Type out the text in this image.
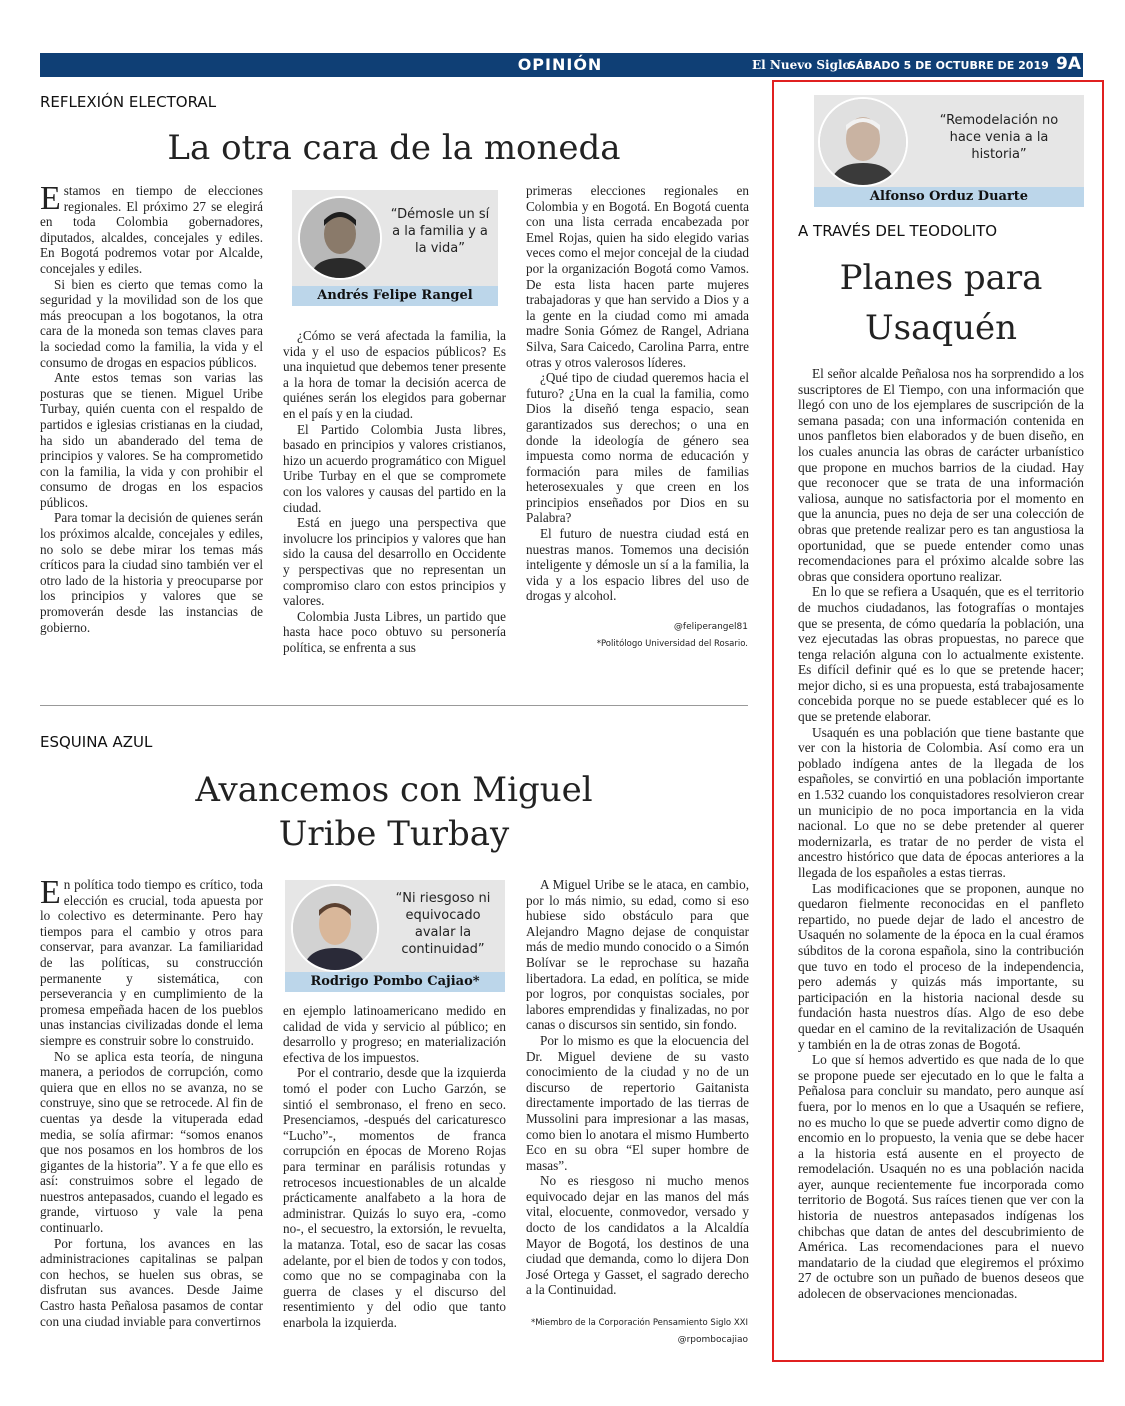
OPINIÓN	El Nuevo Siglo
SÁBADO 5 DE OCTUBRE DE 2019 9A
REFLEXIÓN ELECTORAL
La otra cara de la moneda

Estamos en tiempo de elecciones regionales. El próximo 27 se elegirá en toda Colombia gobernadores, diputados, alcaldes, concejales y ediles. En Bogotá podremos votar por Alcalde, concejales y ediles.

Si bien es cierto que temas como la seguridad y la movilidad son de los que más preocupan a los bogotanos, la otra cara de la moneda son temas claves para la sociedad como la familia, la vida y el consumo de drogas en espacios públicos.

Ante estos temas son varias las posturas que se tienen. Miguel Uribe Turbay, quién cuenta con el respaldo de partidos e iglesias cristianas en la ciudad, ha sido un abanderado del tema de principios y valores. Se ha comprometido con la familia, la vida y con prohibir el consumo de drogas en los espacios públicos.

Para tomar la decisión de quienes serán los próximos alcalde, concejales y ediles, no solo se debe mirar los temas más críticos para la ciudad sino también ver el otro lado de la historia y preocuparse por los principios y valores que se promoverán desde las instancias de gobierno.

“Démosle un sí a la familia y a la vida”
Andrés Felipe Rangel

¿Cómo se verá afectada la familia, la vida y el uso de espacios públicos? Es una inquietud que debemos tener presente a la hora de tomar la decisión acerca de quiénes serán los elegidos para gobernar en el país y en la ciudad.

El Partido Colombia Justa libres, basado en principios y valores cristianos, hizo un acuerdo programático con Miguel Uribe Turbay en el que se compromete con los valores y causas del partido en la ciudad.

Está en juego una perspectiva que involucre los principios y valores que han sido la causa del desarrollo en Occidente y perspectivas que no representan un compromiso claro con estos principios y valores.

Colombia Justa Libres, un partido que hasta hace poco obtuvo su personería política, se enfrenta a sus

primeras elecciones regionales en Colombia y en Bogotá. En Bogotá cuenta con una lista cerrada encabezada por Emel Rojas, quien ha sido elegido varias veces como el mejor concejal de la ciudad por la organización Bogotá como Vamos. De esta lista hacen parte mujeres trabajadoras y que han servido a Dios y a la gente en la ciudad como mi amada madre Sonia Gómez de Rangel, Adriana Silva, Sara Caicedo, Carolina Parra, entre otras y otros valerosos líderes.

¿Qué tipo de ciudad queremos hacia el futuro? ¿Una en la cual la familia, como Dios la diseñó tenga espacio, sean garantizados sus derechos; o una en donde la ideología de género sea impuesta como norma de educación y formación para miles de familias heterosexuales y que creen en los principios enseñados por Dios en su Palabra?

El futuro de nuestra ciudad está en nuestras manos. Tomemos una decisión inteligente y démosle un sí a la familia, la vida y a los espacio libres del uso de drogas y alcohol.

@feliperangel81
*Politólogo Universidad del Rosario.
ESQUINA AZUL
Avancemos con Miguel
Uribe Turbay

En política todo tiempo es crítico, toda elección es crucial, toda apuesta por lo colectivo es determinante. Pero hay tiempos para el cambio y otros para conservar, para avanzar. La familiaridad de las políticas, su construcción permanente y sistemática, con perseverancia y en cumplimiento de la promesa empeñada hacen de los pueblos unas instancias civilizadas donde el lema siempre es construir sobre lo construido.

No se aplica esta teoría, de ninguna manera, a periodos de corrupción, como quiera que en ellos no se avanza, no se construye, sino que se retrocede. Al fin de cuentas ya desde la vituperada edad media, se solía afirmar: “somos enanos que nos posamos en los hombros de los gigantes de la historia”. Y a fe que ello es así: construimos sobre el legado de nuestros antepasados, cuando el legado es grande, virtuoso y vale la pena continuarlo.

Por fortuna, los avances en las administraciones capitalinas se palpan con hechos, se huelen sus obras, se disfrutan sus avances. Desde Jaime Castro hasta Peñalosa pasamos de contar con una ciudad inviable para convertirnos

“Ni riesgoso ni equivocado avalar la continuidad”
Rodrigo Pombo Cajiao*

en ejemplo latinoamericano medido en calidad de vida y servicio al público; en desarrollo y progreso; en materialización efectiva de los impuestos.

Por el contrario, desde que la izquierda tomó el poder con Lucho Garzón, se sintió el sembronaso, el freno en seco. Presenciamos, -después del caricaturesco “Lucho”-, momentos de franca corrupción en épocas de Moreno Rojas para terminar en parálisis rotundas y retrocesos incuestionables de un alcalde prácticamente analfabeto a la hora de administrar. Quizás lo suyo era, -como no-, el secuestro, la extorsión, le revuelta, la matanza. Total, eso de sacar las cosas adelante, por el bien de todos y con todos, como que no se compaginaba con la guerra de clases y el discurso del resentimiento y del odio que tanto enarbola la izquierda.

A Miguel Uribe se le ataca, en cambio, por lo más nimio, su edad, como si eso hubiese sido obstáculo para que Alejandro Magno dejase de conquistar más de medio mundo conocido o a Simón Bolívar se le reprochase su hazaña libertadora. La edad, en política, se mide por logros, por conquistas sociales, por labores emprendidas y finalizadas, no por canas o discursos sin sentido, sin fondo.

Por lo mismo es que la elocuencia del Dr. Miguel deviene de su vasto conocimiento de la ciudad y no de un discurso de repertorio Gaitanista directamente importado de las tierras de Mussolini para impresionar a las masas, como bien lo anotara el mismo Humberto Eco en su obra “El super hombre de masas”.

No es riesgoso ni mucho menos equivocado dejar en las manos del más vital, elocuente, conmovedor, versado y docto de los candidatos a la Alcaldía Mayor de Bogotá, los destinos de una ciudad que demanda, como lo dijera Don José Ortega y Gasset, el sagrado derecho a la Continuidad.

*Miembro de la Corporación Pensamiento Siglo XXI
@rpombocajiao
“Remodelación no hace venia a la historia”
Alfonso Orduz Duarte
A TRAVÉS DEL TEODOLITO
Planes para
Usaquén

El señor alcalde Peñalosa nos ha sorprendido a los suscriptores de El Tiempo, con una información que llegó con uno de los ejemplares de suscripción de la semana pasada; con una información contenida en unos panfletos bien elaborados y de buen diseño, en los cuales anuncia las obras de carácter urbanístico que propone en muchos barrios de la ciudad. Hay que reconocer que se trata de una información valiosa, aunque no satisfactoria por el momento en que la anuncia, pues no deja de ser una colección de obras que pretende realizar pero es tan angustiosa la oportunidad, que se puede entender como unas recomendaciones para el próximo alcalde sobre las obras que considera oportuno realizar.

En lo que se refiera a Usaquén, que es el territorio de muchos ciudadanos, las fotografías o montajes que se presenta, de cómo quedaría la población, una vez ejecutadas las obras propuestas, no parece que tenga relación alguna con lo actualmente existente. Es difícil definir qué es lo que se pretende hacer; mejor dicho, si es una propuesta, está trabajosamente concebida porque no se puede establecer qué es lo que se pretende elaborar.

Usaquén es una población que tiene bastante que ver con la historia de Colombia. Así como era un poblado indígena antes de la llegada de los españoles, se convirtió en una población importante en 1.532 cuando los conquistadores resolvieron crear un municipio de no poca importancia en la vida nacional. Lo que no se debe pretender al querer modernizarla, es tratar de no perder de vista el ancestro histórico que data de épocas anteriores a la llegada de los españoles a estas tierras.

Las modificaciones que se proponen, aunque no quedaron fielmente reconocidas en el panfleto repartido, no puede dejar de lado el ancestro de Usaquén no solamente de la época en la cual éramos súbditos de la corona española, sino la contribución que tuvo en todo el proceso de la independencia, pero además y quizás más importante, su participación en la historia nacional desde su fundación hasta nuestros días. Algo de eso debe quedar en el camino de la revitalización de Usaquén y también en la de otras zonas de Bogotá.

Lo que sí hemos advertido es que nada de lo que se propone puede ser ejecutado en lo que le falta a Peñalosa para concluir su mandato, pero aunque así fuera, por lo menos en lo que a Usaquén se refiere, no es mucho lo que se puede advertir como digno de encomio en lo propuesto, la venia que se debe hacer a la historia está ausente en el proyecto de remodelación. Usaquén no es una población nacida ayer, aunque recientemente fue incorporada como territorio de Bogotá. Sus raíces tienen que ver con la historia de nuestros antepasados indígenas los chibchas que datan de antes del descubrimiento de América. Las recomendaciones para el nuevo mandatario de la ciudad que elegiremos el próximo 27 de octubre son un puñado de buenos deseos que adolecen de observaciones mencionadas.
